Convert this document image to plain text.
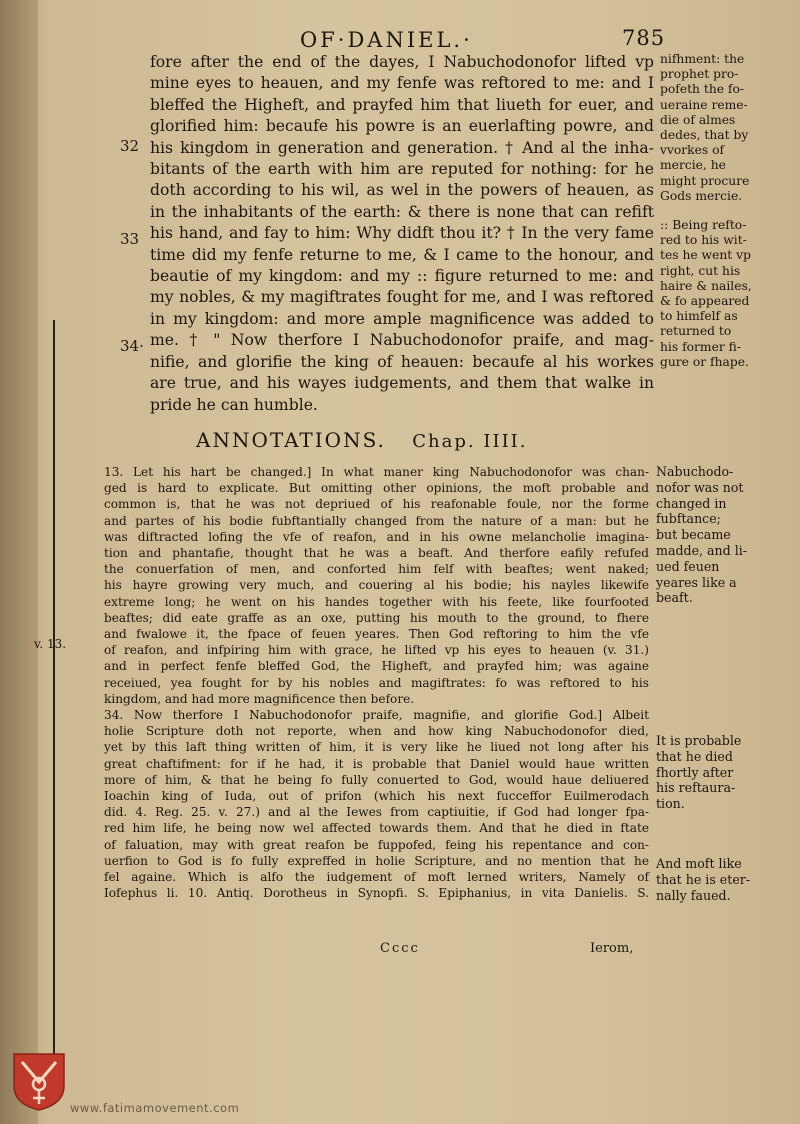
OF·DANIEL.·	785
32
33
34·
fore after the end of the dayes, I Nabuchodonofor lifted vp
mine eyes to heauen, and my fenfe was reftored to me: and I
bleffed the Higheft, and prayfed him that liueth for euer, and
glorified him: becaufe his powre is an euerlafting powre, and
his kingdom in generation and generation. † And al the inha-
bitants of the earth with him are reputed for nothing: for he
doth according to his wil, as wel in the powers of heauen, as
in the inhabitants of the earth: & there is none that can refift
his hand, and fay to him: Why didft thou it? † In the very fame
time did my fenfe returne to me, & I came to the honour, and
beautie of my kingdom: and my :: figure returned to me: and
my nobles, & my magiftrates fought for me, and I was reftored
in my kingdom: and more ample magnificence was added to
me. † " Now therfore I Nabuchodonofor praife, and mag-
nifie, and glorifie the king of heauen: becaufe al his workes
are true, and his wayes iudgements, and them that walke in
pride he can humble.
nifhment: the
prophet pro-
pofeth the fo-
ueraine reme-
die of almes
dedes, that by
vvorkes of
mercie, he
might procure
Gods mercie.
:: Being refto-
red to his wit-
tes he went vp
right, cut his
haire & nailes,
& fo appeared
to himfelf as
returned to
his former fi-
gure or fhape.
ANNOTATIONS. Chap. IIII.
v. 13.
13. Let his hart be changed.] In what maner king Nabuchodonofor was chan-
ged is hard to explicate. But omitting other opinions, the moft probable and
common is, that he was not depriued of his reafonable foule, nor the forme
and partes of his bodie fubftantially changed from the nature of a man: but he
was diftracted lofing the vfe of reafon, and in his owne melancholie imagina-
tion and phantafie, thought that he was a beaft. And therfore eafily refufed
the conuerfation of men, and conforted him felf with beaftes; went naked;
his hayre growing very much, and couering al his bodie; his nayles likewife
extreme long; he went on his handes together with his feete, like fourfooted
beaftes; did eate graffe as an oxe, putting his mouth to the ground, to fhere
and fwalowe it, the fpace of feuen yeares. Then God reftoring to him the vfe
of reafon, and infpiring him with grace, he lifted vp his eyes to heauen (v. 31.)
and in perfect fenfe bleffed God, the Higheft, and prayfed him; was againe
receiued, yea fought for by his nobles and magiftrates: fo was reftored to his
kingdom, and had more magnificence then before.
34. Now therfore I Nabuchodonofor praife, magnifie, and glorifie God.] Albeit
holie Scripture doth not reporte, when and how king Nabuchodonofor died,
yet by this laft thing written of him, it is very like he liued not long after his
great chaftifment: for if he had, it is probable that Daniel would haue written
more of him, & that he being fo fully conuerted to God, would haue deliuered
Ioachin king of Iuda, out of prifon (which his next fucceffor Euilmerodach
did. 4. Reg. 25. v. 27.) and al the Iewes from captiuitie, if God had longer fpa-
red him life, he being now wel affected towards them. And that he died in ftate
of faluation, may with great reafon be fuppofed, feing his repentance and con-
uerfion to God is fo fully expreffed in holie Scripture, and no mention that he
fel againe. Which is alfo the iudgement of moft lerned writers, Namely of
Iofephus li. 10. Antiq. Dorotheus in Synopfi. S. Epiphanius, in vita Danielis. S.
Nabuchodo-
nofor was not
changed in
fubftance;
but became
madde, and li-
ued feuen
yeares like a
beaft.
It is probable
that he died
fhortly after
his reftaura-
tion.
And moft like
that he is eter-
nally faued.
Cccc	Ierom,
www.fatimamovement.com
